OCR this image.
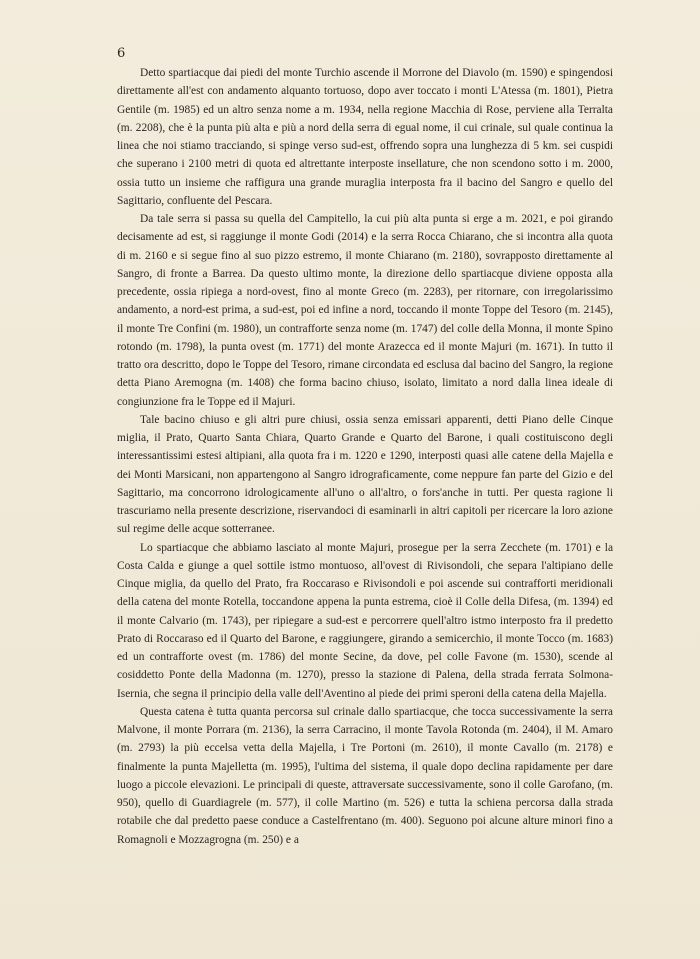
6

Detto spartiacque dai piedi del monte Turchio ascende il Morrone del Diavolo (m. 1590) e spingendosi direttamente all'est con andamento alquanto tortuoso, dopo aver toccato i monti L'Atessa (m. 1801), Pietra Gentile (m. 1985) ed un altro senza nome a m. 1934, nella regione Macchia di Rose, perviene alla Terralta (m. 2208), che è la punta più alta e più a nord della serra di egual nome, il cui crinale, sul quale continua la linea che noi stiamo tracciando, si spinge verso sud-est, offrendo sopra una lunghezza di 5 km. sei cuspidi che superano i 2100 metri di quota ed altrettante interposte insellature, che non scendono sotto i m. 2000, ossia tutto un insieme che raffigura una grande muraglia interposta fra il bacino del Sangro e quello del Sagittario, confluente del Pescara.

Da tale serra si passa su quella del Campitello, la cui più alta punta si erge a m. 2021, e poi girando decisamente ad est, si raggiunge il monte Godi (2014) e la serra Rocca Chiarano, che si incontra alla quota di m. 2160 e si segue fino al suo pizzo estremo, il monte Chiarano (m. 2180), sovrapposto direttamente al Sangro, di fronte a Barrea. Da questo ultimo monte, la direzione dello spartiacque diviene opposta alla precedente, ossia ripiega a nord-ovest, fino al monte Greco (m. 2283), per ritornare, con irregolarissimo andamento, a nord-est prima, a sud-est, poi ed infine a nord, toccando il monte Toppe del Tesoro (m. 2145), il monte Tre Confini (m. 1980), un contrafforte senza nome (m. 1747) del colle della Monna, il monte Spino rotondo (m. 1798), la punta ovest (m. 1771) del monte Arazecca ed il monte Majuri (m. 1671). In tutto il tratto ora descritto, dopo le Toppe del Tesoro, rimane circondata ed esclusa dal bacino del Sangro, la regione detta Piano Aremogna (m. 1408) che forma bacino chiuso, isolato, limitato a nord dalla linea ideale di congiunzione fra le Toppe ed il Majuri.

Tale bacino chiuso e gli altri pure chiusi, ossia senza emissari apparenti, detti Piano delle Cinque miglia, il Prato, Quarto Santa Chiara, Quarto Grande e Quarto del Barone, i quali costituiscono degli interessantissimi estesi altipiani, alla quota fra i m. 1220 e 1290, interposti quasi alle catene della Majella e dei Monti Marsicani, non appartengono al Sangro idrograficamente, come neppure fan parte del Gizio e del Sagittario, ma concorrono idrologicamente all'uno o all'altro, o fors'anche in tutti. Per questa ragione li trascuriamo nella presente descrizione, riservandoci di esaminarli in altri capitoli per ricercare la loro azione sul regime delle acque sotterranee.

Lo spartiacque che abbiamo lasciato al monte Majuri, prosegue per la serra Zecchete (m. 1701) e la Costa Calda e giunge a quel sottile istmo montuoso, all'ovest di Rivisondoli, che separa l'altipiano delle Cinque miglia, da quello del Prato, fra Roccaraso e Rivisondoli e poi ascende sui contrafforti meridionali della catena del monte Rotella, toccandone appena la punta estrema, cioè il Colle della Difesa, (m. 1394) ed il monte Calvario (m. 1743), per ripiegare a sud-est e percorrere quell'altro istmo interposto fra il predetto Prato di Roccaraso ed il Quarto del Barone, e raggiungere, girando a semicerchio, il monte Tocco (m. 1683) ed un contrafforte ovest (m. 1786) del monte Secine, da dove, pel colle Favone (m. 1530), scende al cosiddetto Ponte della Madonna (m. 1270), presso la stazione di Palena, della strada ferrata Solmona-Isernia, che segna il principio della valle dell'Aventino al piede dei primi speroni della catena della Majella.

Questa catena è tutta quanta percorsa sul crinale dallo spartiacque, che tocca successivamente la serra Malvone, il monte Porrara (m. 2136), la serra Carracino, il monte Tavola Rotonda (m. 2404), il M. Amaro (m. 2793) la più eccelsa vetta della Majella, i Tre Portoni (m. 2610), il monte Cavallo (m. 2178) e finalmente la punta Majelletta (m. 1995), l'ultima del sistema, il quale dopo declina rapidamente per dare luogo a piccole elevazioni. Le principali di queste, attraversate successivamente, sono il colle Garofano, (m. 950), quello di Guardiagrele (m. 577), il colle Martino (m. 526) e tutta la schiena percorsa dalla strada rotabile che dal predetto paese conduce a Castelfrentano (m. 400). Seguono poi alcune alture minori fino a Romagnoli e Mozzagrogna (m. 250) e a
